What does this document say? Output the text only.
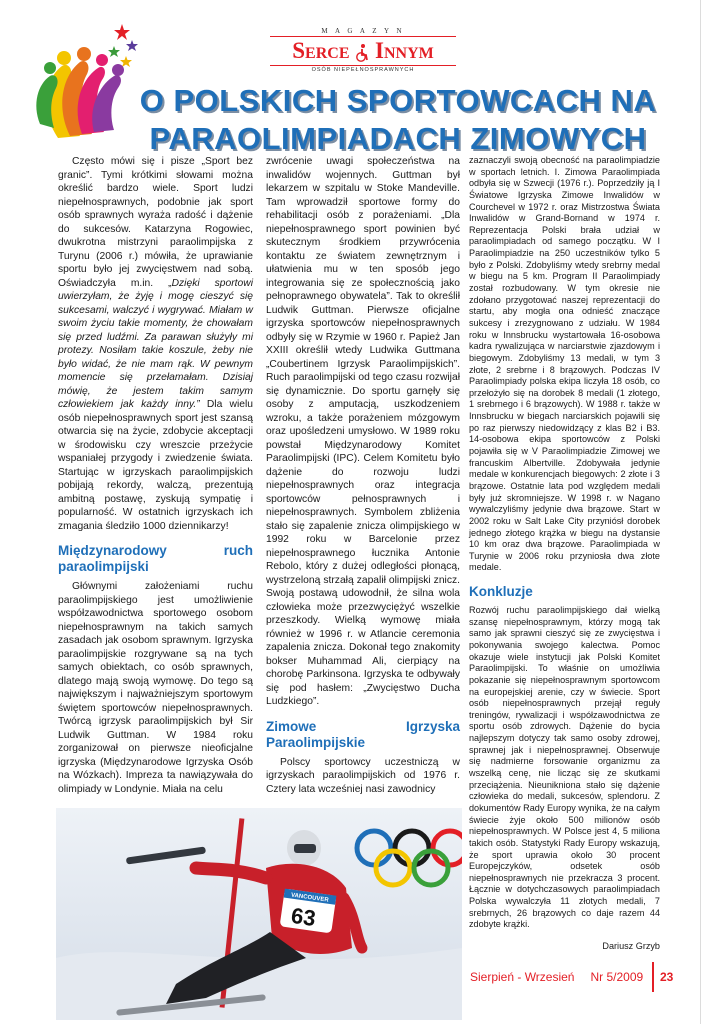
M A G A Z Y N
Serce Innym
OSÓB NIEPEŁNOSPRAWNYCH
O POLSKICH SPORTOWCACH NA
PARAOLIMPIADACH ZIMOWYCH

Często mówi się i pisze „Sport bez granic”. Tymi krótkimi słowami można określić bardzo wiele. Sport ludzi niepełnosprawnych, podobnie jak sport osób sprawnych wyraża radość i dążenie do sukcesów. Katarzyna Rogowiec, dwukrotna mistrzyni paraolimpijska z Turynu (2006 r.) mówiła, że uprawianie sportu było jej zwycięstwem nad sobą. Oświadczyła m.in. „Dzięki sportowi uwierzyłam, że żyję i mogę cieszyć się sukcesami, walczyć i wygrywać. Miałam w swoim życiu takie momenty, że chowałam się przed ludźmi. Za parawan służyły mi protezy. Nosiłam takie koszule, żeby nie było widać, że nie mam rąk. W pewnym momencie się przełamałam. Dzisiaj mówię, że jestem takim samym człowiekiem jak każdy inny.” Dla wielu osób niepełnosprawnych sport jest szansą otwarcia się na życie, zdobycie akceptacji w środowisku czy wreszcie przeżycie wspaniałej przygody i zwiedzenie świata. Startując w igrzyskach paraolimpijskich pobijają rekordy, walczą, prezentują ambitną postawę, zyskują sympatię i popularność. W ostatnich igrzyskach ich zmagania śledziło 1000 dziennikarzy!

Międzynarodowy ruch paraolimpijski

Głównymi założeniami ruchu paraolimpijskiego jest umożliwienie współzawodnictwa sportowego osobom niepełnosprawnym na takich samych zasadach jak osobom sprawnym. Igrzyska paraolimpijskie rozgrywane są na tych samych obiektach, co osób sprawnych, dlatego mają swoją wymowę. Do tego są największym i najważniejszym sportowym świętem sportowców niepełnosprawnych. Twórcą igrzysk paraolimpijskich był Sir Ludwik Guttman. W 1984 roku zorganizował on pierwsze nieoficjalne igrzyska (Międzynarodowe Igrzyska Osób na Wózkach). Impreza ta nawiązywała do olimpiady w Londynie. Miała na celu

zwrócenie uwagi społeczeństwa na inwalidów wojennych. Guttman był lekarzem w szpitalu w Stoke Mandeville. Tam wprowadził sportowe formy do rehabilitacji osób z porażeniami. „Dla niepełnosprawnego sport powinien być skutecznym środkiem przywrócenia kontaktu ze światem zewnętrznym i ułatwienia mu w ten sposób jego integrowania się ze społecznością jako pełnoprawnego obywatela”. Tak to określił Ludwik Guttman. Pierwsze oficjalne igrzyska sportowców niepełnosprawnych odbyły się w Rzymie w 1960 r. Papież Jan XXIII określił wtedy Ludwika Guttmana „Coubertinem Igrzysk Paraolimpijskich”. Ruch paraolimpijski od tego czasu rozwijał się dynamicznie. Do sportu garnęły się osoby z amputacją, uszkodzeniem wzroku, a także porażeniem mózgowym oraz upośledzeni umysłowo. W 1989 roku powstał Międzynarodowy Komitet Paraolimpijski (IPC). Celem Komitetu było dążenie do rozwoju ludzi niepełnosprawnych oraz integracja sportowców pełnosprawnych i niepełnosprawnych. Symbolem zbliżenia stało się zapalenie znicza olimpijskiego w 1992 roku w Barcelonie przez niepełnosprawnego łucznika Antonie Rebolo, który z dużej odległości płonącą, wystrzeloną strzałą zapalił olimpijski znicz. Swoją postawą udowodnił, że silna wola człowieka może przezwyciężyć wszelkie przeszkody. Wielką wymowę miała również w 1996 r. w Atlancie ceremonia zapalenia znicza. Dokonał tego znakomity bokser Muhammad Ali, cierpiący na chorobę Parkinsona. Igrzyska te odbywały się pod hasłem: „Zwycięstwo Ducha Ludzkiego”.

Zimowe Igrzyska Paraolimpijskie

Polscy sportowcy uczestniczą w igrzyskach paraolimpijskich od 1976 r. Cztery lata wcześniej nasi zawodnicy

zaznaczyli swoją obecność na paraolimpiadzie w sportach letnich. I. Zimowa Paraolimpiada odbyła się w Szwecji (1976 r.). Poprzedziły ją I Światowe Igrzyska Zimowe Inwalidów w Courchevel w 1972 r. oraz Mistrzostwa Świata Inwalidów w Grand-Bornand w 1974 r. Reprezentacja Polski brała udział w paraolimpiadach od samego początku. W I Paraolimpiadzie na 250 uczestników tylko 5 było z Polski. Zdobyliśmy wtedy srebrny medal w biegu na 5 km. Program II Paraolimpiady został rozbudowany. W tym okresie nie zdołano przygotować naszej reprezentacji do startu, aby mogła ona odnieść znaczące sukcesy i zrezygnowano z udziału. W 1984 roku w Innsbrucku wystartowała 16-osobowa kadra rywalizująca w narciarstwie zjazdowym i biegowym. Zdobyliśmy 13 medali, w tym 3 złote, 2 srebrne i 8 brązowych. Podczas IV Paraolimpiady polska ekipa liczyła 18 osób, co przełożyło się na dorobek 8 medali (1 złotego, 1 srebrnego i 6 brązowych). W 1988 r. także w Innsbrucku w biegach narciarskich pojawili się po raz pierwszy niedowidzący z klas B2 i B3. 14-osobowa ekipa sportowców z Polski pojawiła się w V Paraolimpiadzie Zimowej we francuskim Albertville. Zdobywała jedynie medale w konkurencjach biegowych: 2 złote i 3 brązowe. Ostatnie lata pod względem medali były już skromniejsze. W 1998 r. w Nagano wywalczyliśmy jedynie dwa brązowe. Start w 2002 roku w Salt Lake City przyniósł dorobek jednego złotego krążka w biegu na dystansie 10 km oraz dwa brązowe. Paraolimpiada w Turynie w 2006 roku przyniosła dwa złote medale.

Konkluzje

Rozwój ruchu paraolimpijskiego dał wielką szansę niepełnosprawnym, którzy mogą tak samo jak sprawni cieszyć się ze zwycięstwa i pokonywania swojego kalectwa. Pomoc okazuje wiele instytucji jak Polski Komitet Paraolimpijski. To właśnie on umożliwia pokazanie się niepełnosprawnym sportowcom na europejskiej arenie, czy w świecie. Sport osób niepełnosprawnych przejął reguły treningów, rywalizacji i współzawodnictwa ze sportu osób zdrowych. Dążenie do bycia najlepszym dotyczy tak samo osoby zdrowej, sprawnej jak i niepełnosprawnej. Obserwuje się nadmierne forsowanie organizmu za wszelką cenę, nie licząc się ze skutkami przeciążenia. Nieunikniona stało się dążenie człowieka do medali, sukcesów, splendoru. Z dokumentów Rady Europy wynika, że na całym świecie żyje około 500 milionów osób niepełnosprawnych. W Polsce jest 4, 5 miliona takich osób. Statystyki Rady Europy wskazują, że sport uprawia około 30 procent Europejczyków, odsetek osób niepełnosprawnych nie przekracza 3 procent. Łącznie w dotychczasowych paraolimpiadach Polska wywalczyła 11 złotych medali, 7 srebrnych, 26 brązowych co daje razem 44 zdobyte krążki.

Dariusz Grzyb

VANCOUVER
63
Sierpień - Wrzesień Nr 5/2009 23
